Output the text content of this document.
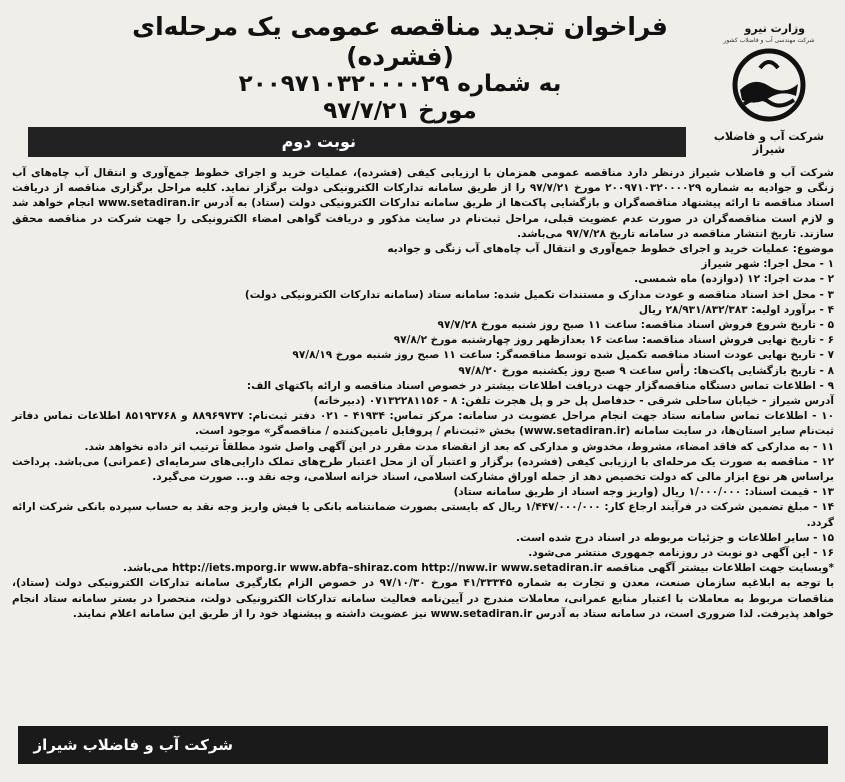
فراخوان تجدید مناقصه عمومی یک مرحله‌ای (فشرده)
به شماره ۲۰۰۹۷۱۰۳۲۰۰۰۰۲۹
مورخ ۹۷/۷/۲۱
وزارت نیرو
شرکت مهندسی آب و فاضلاب کشور
شرکت آب و فاضلاب شیراز
نوبت دوم

شرکت آب و فاضلاب شیراز درنظر دارد مناقصه عمومی همزمان با ارزیابی کیفی (فشرده)، عملیات خرید و اجرای خطوط جمع‌آوری و انتقال آب چاه‌های آب زنگی و جوادیه به شماره ۲۰۰۹۷۱۰۳۲۰۰۰۰۲۹ مورخ ۹۷/۷/۲۱ را از طریق سامانه تدارکات الکترونیکی دولت برگزار نماید. کلیه مراحل برگزاری مناقصه از دریافت اسناد مناقصه تا ارائه پیشنهاد مناقصه‌گران و بازگشایی پاکت‌ها از طریق سامانه تدارکات الکترونیکی دولت (ستاد) به آدرس www.setadiran.ir انجام خواهد شد و لازم است مناقصه‌گران در صورت عدم عضویت قبلی، مراحل ثبت‌نام در سایت مذکور و دریافت گواهی امضاء الکترونیکی را جهت شرکت در مناقصه محقق سازند. تاریخ انتشار مناقصه در سامانه تاریخ ۹۷/۷/۲۸ می‌باشد.

موضوع: عملیات خرید و اجرای خطوط جمع‌آوری و انتقال آب چاه‌های آب زنگی و جوادیه

۱ - محل اجرا: شهر شیراز

۲ - مدت اجرا: ۱۲ (دوازده) ماه شمسی.

۳ - محل اخذ اسناد مناقصه و عودت مدارک و مستندات تکمیل شده: سامانه ستاد (سامانه تدارکات الکترونیکی دولت)

۴ - برآورد اولیه: ۲۸/۹۳۱/۸۳۲/۳۸۳ ریال

۵ - تاریخ شروع فروش اسناد مناقصه: ساعت ۱۱ صبح روز شنبه مورخ ۹۷/۷/۲۸

۶ - تاریخ نهایی فروش اسناد مناقصه: ساعت ۱۶ بعدازظهر روز چهارشنبه مورخ ۹۷/۸/۲

۷ - تاریخ نهایی عودت اسناد مناقصه تکمیل شده توسط مناقصه‌گر: ساعت ۱۱ صبح روز شنبه مورخ ۹۷/۸/۱۹

۸ - تاریخ بازگشایی پاکت‌ها: رأس ساعت ۹ صبح روز یکشنبه مورخ ۹۷/۸/۲۰

۹ - اطلاعات تماس دستگاه مناقصه‌گزار جهت دریافت اطلاعات بیشتر در خصوص اسناد مناقصه و ارائه پاکتهای الف:

آدرس شیراز - خیابان ساحلی شرقی - حدفاصل پل حر و پل هجرت تلفن: ۸ - ۰۷۱۳۲۲۸۱۱۵۶ (دبیرخانه)

۱۰ - اطلاعات تماس سامانه ستاد جهت انجام مراحل عضویت در سامانه: مرکز تماس: ۴۱۹۳۴ - ۰۲۱ دفتر ثبت‌نام: ۸۸۹۶۹۷۳۷ و ۸۵۱۹۳۷۶۸ اطلاعات تماس دفاتر ثبت‌نام سایر استان‌ها، در سایت سامانه (www.setadiran.ir) بخش «ثبت‌نام / پروفایل تامین‌کننده / مناقصه‌گر» موجود است.

۱۱ - به مدارکی که فاقد امضاء، مشروط، مخدوش و مدارکی که بعد از انقضاء مدت مقرر در این آگهی واصل شود مطلقاً ترتیب اثر داده نخواهد شد.

۱۲ - مناقصه به صورت یک مرحله‌ای با ارزیابی کیفی (فشرده) برگزار و اعتبار آن از محل اعتبار طرح‌های تملک دارایی‌های سرمایه‌ای (عمرانی) می‌باشد. پرداخت براساس هر نوع ابزار مالی که دولت تخصیص دهد از جمله اوراق مشارکت اسلامی، اسناد خزانه اسلامی، وجه نقد و... صورت می‌گیرد.

۱۳ - قیمت اسناد: ۱/۰۰۰/۰۰۰ ریال (واریز وجه اسناد از طریق سامانه ستاد)

۱۴ - مبلغ تضمین شرکت در فرآیند ارجاع کار: ۱/۴۴۷/۰۰۰/۰۰۰ ریال که بایستی بصورت ضمانتنامه بانکی یا فیش واریز وجه نقد به حساب سپرده بانکی شرکت ارائه گردد.

۱۵ - سایر اطلاعات و جزئیات مربوطه در اسناد درج شده است.

۱۶ - این آگهی دو نوبت در روزنامه جمهوری منتشر می‌شود.

*وبسایت جهت اطلاعات بیشتر آگهی مناقصه http://iets.mporg.ir www.abfa–shiraz.com http://nww.ir www.setadiran.ir می‌باشد.

با توجه به ابلاغیه سازمان صنعت، معدن و تجارت به شماره ۴۱/۳۳۳۴۵ مورخ ۹۷/۱۰/۳۰ در خصوص الزام بکارگیری سامانه تدارکات الکترونیکی دولت (ستاد)، مناقصات مربوط به معاملات با اعتبار منابع عمرانی، معاملات مندرج در آیین‌نامه فعالیت سامانه تدارکات الکترونیکی دولت، منحصرا در بستر سامانه ستاد انجام خواهد پذیرفت. لذا ضروری است، در سامانه ستاد به آدرس www.setadiran.ir نیز عضویت داشته و پیشنهاد خود را از طریق این سامانه اعلام نمایند.

شرکت آب و فاضلاب شیراز
